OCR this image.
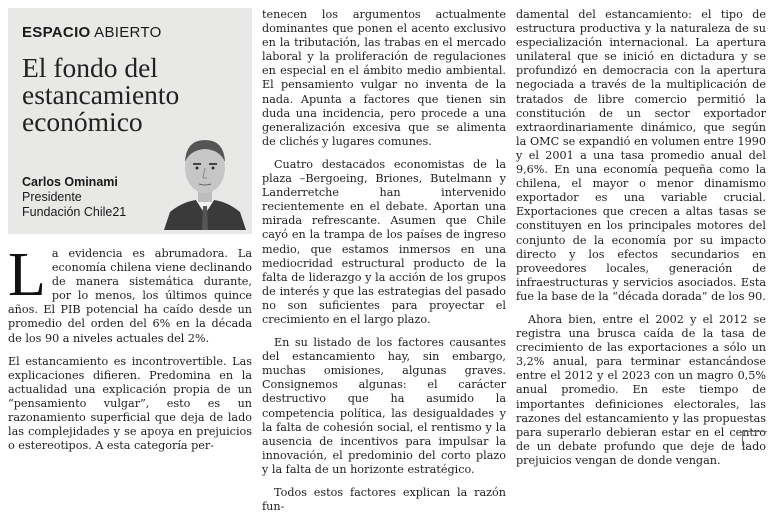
ESPACIO ABIERTO
El fondo del estancamiento económico
Carlos Ominami
Presidente
Fundación Chile21

La evidencia es abrumadora. La economía chilena viene declinando de manera sistemática durante, por lo menos, los últimos quince años. El PIB potencial ha caído desde un promedio del orden del 6% en la década de los 90 a niveles actuales del 2%.

El estancamiento es incontrovertible. Las explicaciones difieren. Predomina en la actualidad una explicación propia de un “pensamiento vulgar”, esto es un razonamiento superficial que deja de lado las complejidades y se apoya en prejuicios o estereotipos. A esta categoría per-

tenecen los argumentos actualmente dominantes que ponen el acento exclusivo en la tributación, las trabas en el mercado laboral y la proliferación de regulaciones en especial en el ámbito medio ambiental. El pensamiento vulgar no inventa de la nada. Apunta a factores que tienen sin duda una incidencia, pero procede a una generalización excesiva que se alimenta de clichés y lugares comunes.

Cuatro destacados economistas de la plaza –Bergoeing, Briones, Butelmann y Landerretche han intervenido recientemente en el debate. Aportan una mirada refrescante. Asumen que Chile cayó en la trampa de los países de ingreso medio, que estamos inmersos en una mediocridad estructural producto de la falta de liderazgo y la acción de los grupos de interés y que las estrategias del pasado no son suficientes para proyectar el crecimiento en el largo plazo.

En su listado de los factores causantes del estancamiento hay, sin embargo, muchas omisiones, algunas graves. Consignemos algunas: el carácter destructivo que ha asumido la competencia política, las desigualdades y la falta de cohesión social, el rentismo y la ausencia de incentivos para impulsar la innovación, el predominio del corto plazo y la falta de un horizonte estratégico.

Todos estos factores explican la razón fun-

damental del estancamiento: el tipo de estructura productiva y la naturaleza de su especialización internacional. La apertura unilateral que se inició en dictadura y se profundizó en democracia con la apertura negociada a través de la multiplicación de tratados de libre comercio permitió la constitución de un sector exportador extraordinariamente dinámico, que según la OMC se expandió en volumen entre 1990 y el 2001 a una tasa promedio anual del 9,6%. En una economía pequeña como la chilena, el mayor o menor dinamismo exportador es una variable crucial. Exportaciones que crecen a altas tasas se constituyen en los principales motores del conjunto de la economía por su impacto directo y los efectos secundarios en proveedores locales, generación de infraestructuras y servicios asociados. Esta fue la base de la “década dorada” de los 90.

Ahora bien, entre el 2002 y el 2012 se registra una brusca caída de la tasa de crecimiento de las exportaciones a sólo un 3,2% anual, para terminar estancándose entre el 2012 y el 2023 con un magro 0,5% anual promedio. En este tiempo de importantes definiciones electorales, las razones del estancamiento y las propuestas para superarlo debieran estar en el centro de un debate profundo que deje de lado prejuicios vengan de donde vengan.
